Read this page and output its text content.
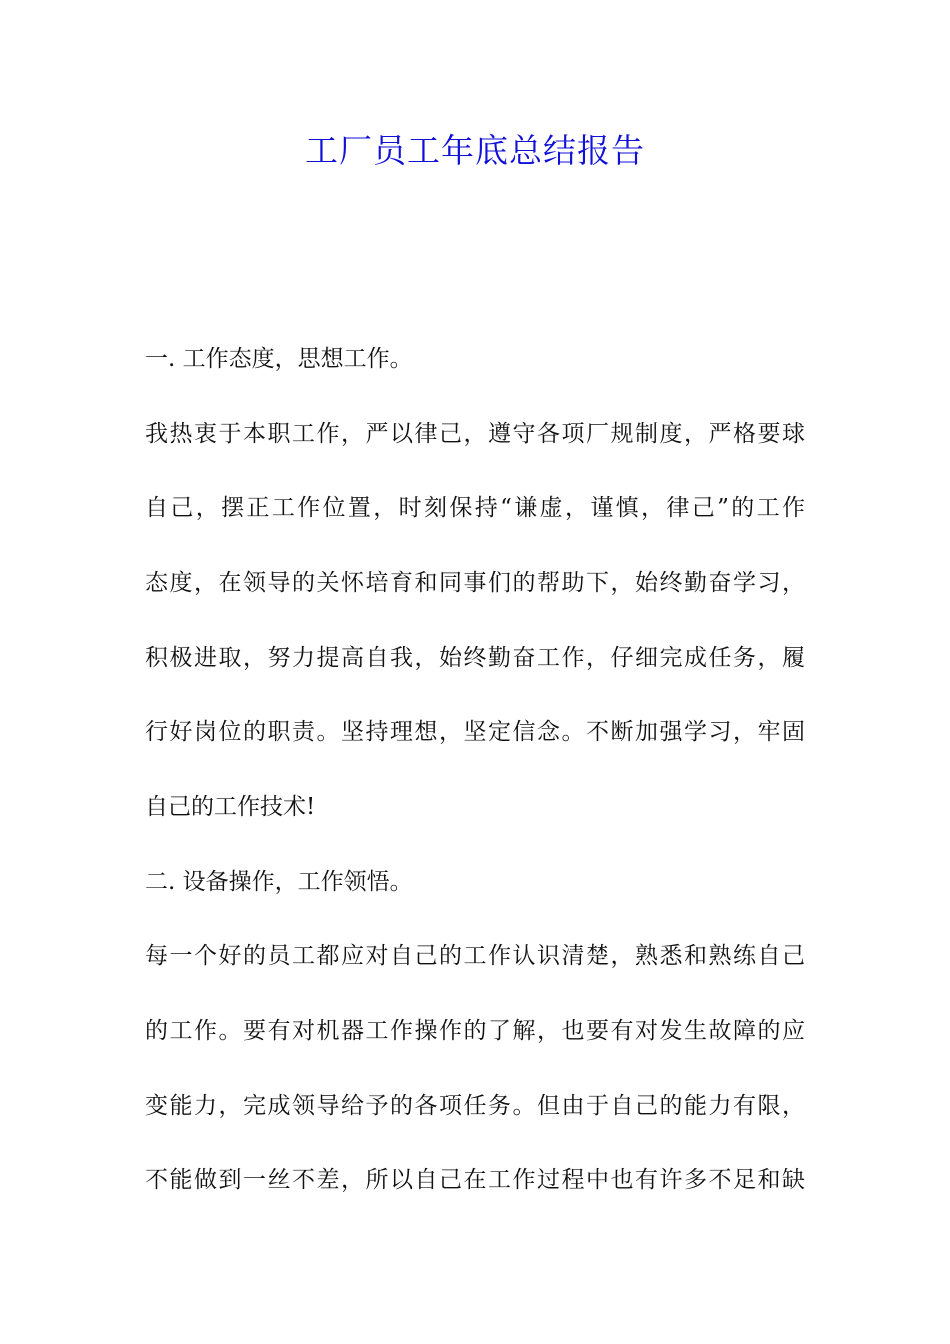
工厂员工年底总结报告
一. 工作态度，思想工作。
我热衷于本职工作，严以律己，遵守各项厂规制度，严格要球
自己，摆正工作位置，时刻保持“谦虚，谨慎，律己”的工作
态度，在领导的关怀培育和同事们的帮助下，始终勤奋学习，
积极进取，努力提高自我，始终勤奋工作，仔细完成任务，履
行好岗位的职责。坚持理想，坚定信念。不断加强学习，牢固
自己的工作技术!
二. 设备操作，工作领悟。
每一个好的员工都应对自己的工作认识清楚，熟悉和熟练自己
的工作。要有对机器工作操作的了解，也要有对发生故障的应
变能力，完成领导给予的各项任务。但由于自己的能力有限，
不能做到一丝不差，所以自己在工作过程中也有许多不足和缺
